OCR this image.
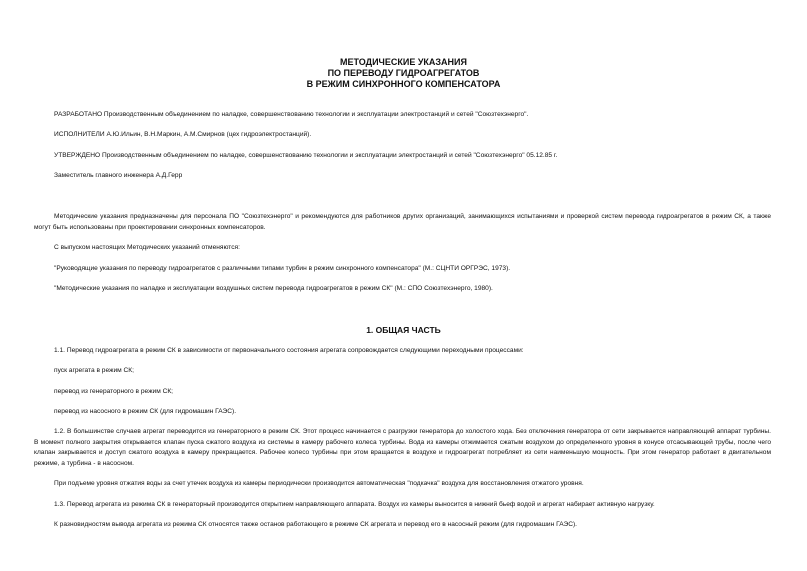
МЕТОДИЧЕСКИЕ УКАЗАНИЯ
ПО ПЕРЕВОДУ ГИДРОАГРЕГАТОВ
В РЕЖИМ СИНХРОННОГО КОМПЕНСАТОРА

РАЗРАБОТАНО Производственным объединением по наладке, совершенствованию технологии и эксплуатации электростанций и сетей "Союзтехэнерго".

ИСПОЛНИТЕЛИ А.Ю.Ильин, В.Н.Маркин, А.М.Смирнов (цех гидроэлектростанций).

УТВЕРЖДЕНО Производственным объединением по наладке, совершенствованию технологии и эксплуатации электростанций и сетей "Союзтехэнерго" 05.12.85 г.

Заместитель главного инженера А.Д.Герр

Методические указания предназначены для персонала ПО "Союзтехэнерго" и рекомендуются для работников других организаций, занимающихся испытаниями и проверкой систем перевода гидроагрегатов в режим СК, а также могут быть использованы при проектировании синхронных компенсаторов.

С выпуском настоящих Методических указаний отменяются:

"Руководящие указания по переводу гидроагрегатов с различными типами турбин в режим синхронного компенсатора" (М.: СЦНТИ ОРГРЭС, 1973).

"Методические указания по наладке и эксплуатации воздушных систем перевода гидроагрегатов в режим СК" (М.: СПО Союзтехэнерго, 1980).

1. ОБЩАЯ ЧАСТЬ

1.1. Перевод гидроагрегата в режим СК в зависимости от первоначального состояния агрегата сопровождается следующими переходными процессами:

пуск агрегата в режим СК;

перевод из генераторного в режим СК;

перевод из насосного в режим СК (для гидромашин ГАЭС).

1.2. В большинстве случаев агрегат переводится из генераторного в режим СК. Этот процесс начинается с разгрузки генератора до холостого хода. Без отключения генератора от сети закрывается направляющий аппарат турбины. В момент полного закрытия открывается клапан пуска сжатого воздуха из системы в камеру рабочего колеса турбины. Вода из камеры отжимается сжатым воздухом до определенного уровня в конусе отсасывающей трубы, после чего клапан закрывается и доступ сжатого воздуха в камеру прекращается. Рабочее колесо турбины при этом вращается в воздухе и гидроагрегат потребляет из сети наименьшую мощность. При этом генератор работает в двигательном режиме, а турбина - в насосном.

При подъеме уровня отжатия воды за счет утечек воздуха из камеры периодически производится автоматическая "подкачка" воздуха для восстановления отжатого уровня.

1.3. Перевод агрегата из режима СК в генераторный производится открытием направляющего аппарата. Воздух из камеры выносится в нижний бьеф водой и агрегат набирает активную нагрузку.

К разновидностям вывода агрегата из режима СК относятся также останов работающего в режиме СК агрегата и перевод его в насосный режим (для гидромашин ГАЭС).
